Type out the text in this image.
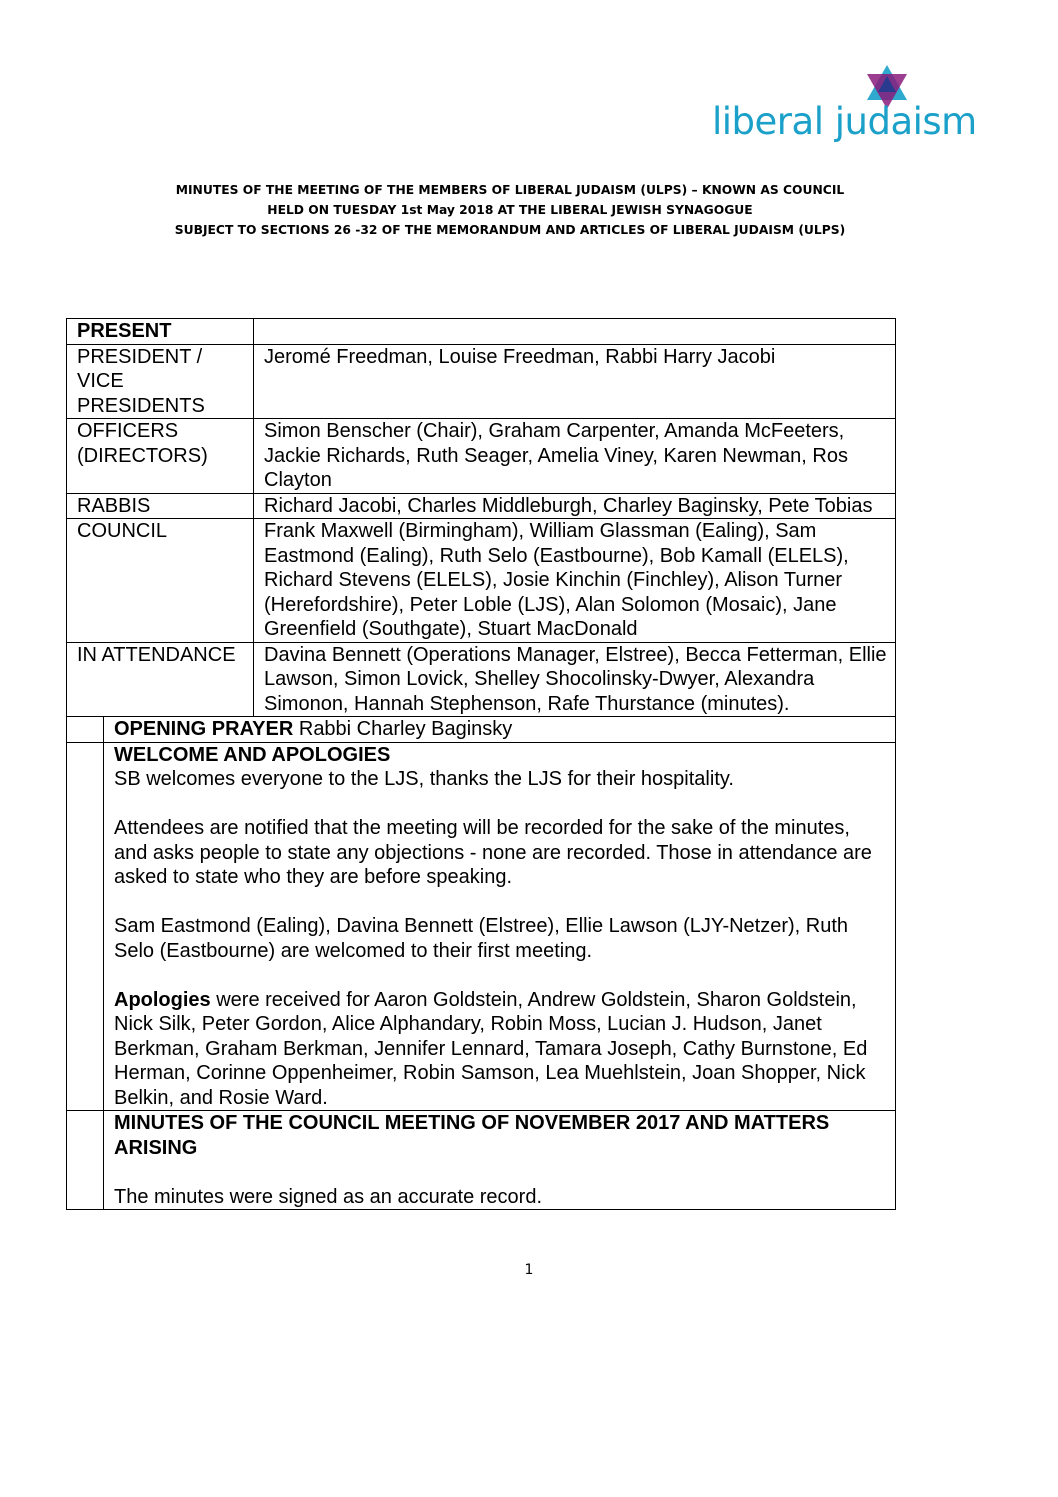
liberal judaism
MINUTES OF THE MEETING OF THE MEMBERS OF LIBERAL JUDAISM (ULPS) – KNOWN AS COUNCIL
HELD ON TUESDAY 1st May 2018 AT THE LIBERAL JEWISH SYNAGOGUE
SUBJECT TO SECTIONS 26 -32 OF THE MEMORANDUM AND ARTICLES OF LIBERAL JUDAISM (ULPS)
PRESENT		
PRESIDENT / VICE PRESIDENTS		Jeromé Freedman, Louise Freedman, Rabbi Harry Jacobi
OFFICERS (DIRECTORS)		Simon Benscher (Chair), Graham Carpenter, Amanda McFeeters, Jackie Richards, Ruth Seager, Amelia Viney, Karen Newman, Ros Clayton
RABBIS		Richard Jacobi, Charles Middleburgh, Charley Baginsky, Pete Tobias
COUNCIL		Frank Maxwell (Birmingham), William Glassman (Ealing), Sam Eastmond (Ealing), Ruth Selo (Eastbourne), Bob Kamall (ELELS), Richard Stevens (ELELS), Josie Kinchin (Finchley), Alison Turner (Herefordshire), Peter Loble (LJS), Alan Solomon (Mosaic), Jane Greenfield (Southgate), Stuart MacDonald
IN ATTENDANCE		Davina Bennett (Operations Manager, Elstree), Becca Fetterman, Ellie Lawson, Simon Lovick, Shelley Shocolinsky-Dwyer, Alexandra Simonon, Hannah Stephenson, Rafe Thurstance (minutes).
	OPENING PRAYER Rabbi Charley Baginsky	

	WELCOME AND APOLOGIES

SB welcomes everyone to the LJS, thanks the LJS for their hospitality.

Attendees are notified that the meeting will be recorded for the sake of the minutes, and asks people to state any objections - none are recorded. Those in attendance are asked to state who they are before speaking.

Sam Eastmond (Ealing), Davina Bennett (Elstree), Ellie Lawson (LJY-Netzer), Ruth Selo (Eastbourne) are welcomed to their first meeting.

Apologies were received for Aaron Goldstein, Andrew Goldstein, Sharon Goldstein, Nick Silk, Peter Gordon, Alice Alphandary, Robin Moss, Lucian J. Hudson, Janet Berkman, Graham Berkman, Jennifer Lennard, Tamara Joseph, Cathy Burnstone, Ed Herman, Corinne Oppenheimer, Robin Samson, Lea Muehlstein, Joan Shopper, Nick Belkin, and Rosie Ward.	

	MINUTES OF THE COUNCIL MEETING OF NOVEMBER 2017 AND MATTERS ARISING

The minutes were signed as an accurate record.	

1
